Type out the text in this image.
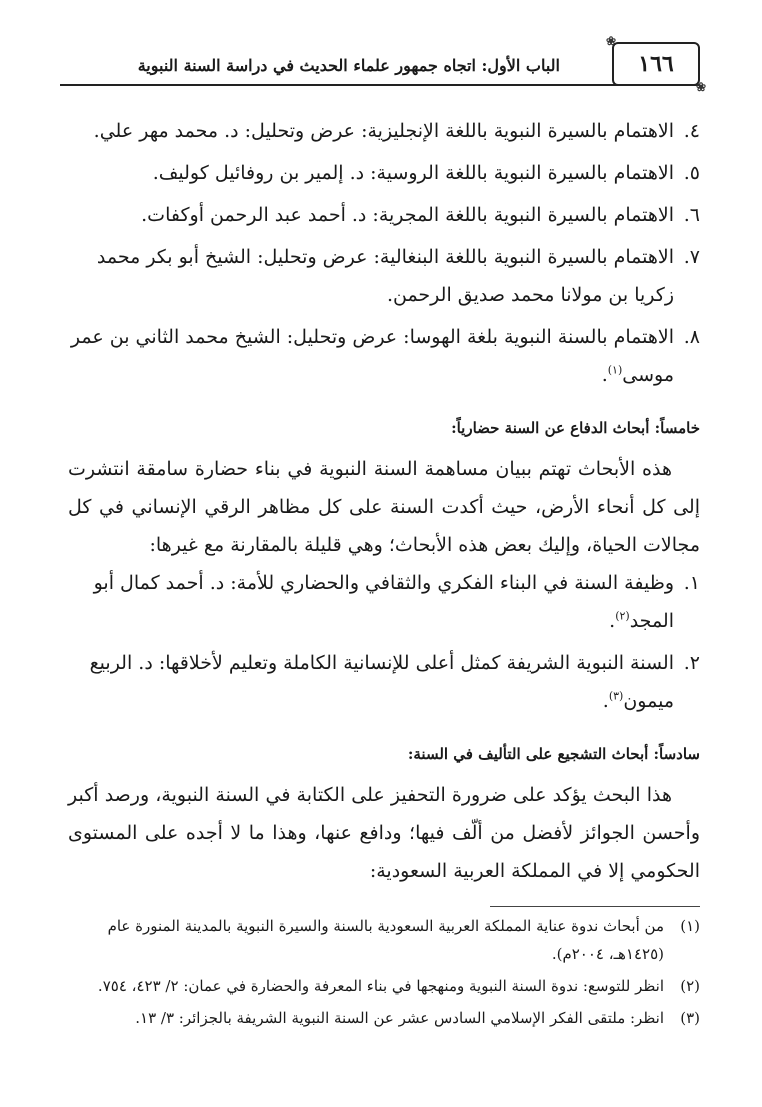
الباب الأول: اتجاه جمهور علماء الحديث في دراسة السنة النبوية
❀
١٦٦
❀
٤.
الاهتمام بالسيرة النبوية باللغة الإنجليزية: عرض وتحليل: د. محمد مهر علي.
٥.
الاهتمام بالسيرة النبوية باللغة الروسية: د. إلمير بن روفائيل كوليف.
٦.
الاهتمام بالسيرة النبوية باللغة المجرية: د. أحمد عبد الرحمن أوكفات.
٧.
الاهتمام بالسيرة النبوية باللغة البنغالية: عرض وتحليل: الشيخ أبو بكر محمد زكريا بن مولانا محمد صديق الرحمن.
٨.
الاهتمام بالسنة النبوية بلغة الهوسا: عرض وتحليل: الشيخ محمد الثاني بن عمر موسى$^{(١)}$.
خامساً: أبحاث الدفاع عن السنة حضارياً:
هذه الأبحاث تهتم ببيان مساهمة السنة النبوية في بناء حضارة سامقة انتشرت إلى كل أنحاء الأرض، حيث أكدت السنة على كل مظاهر الرقي الإنساني في كل مجالات الحياة، وإليك بعض هذه الأبحاث؛ وهي قليلة بالمقارنة مع غيرها:
١.
وظيفة السنة في البناء الفكري والثقافي والحضاري للأمة: د. أحمد كمال أبو المجد$^{(٢)}$.
٢.
السنة النبوية الشريفة كمثل أعلى للإنسانية الكاملة وتعليم لأخلاقها: د. الربيع ميمون$^{(٣)}$.
سادساً: أبحاث التشجيع على التأليف في السنة:
هذا البحث يؤكد على ضرورة التحفيز على الكتابة في السنة النبوية، ورصد أكبر وأحسن الجوائز لأفضل من ألّف فيها؛ ودافع عنها، وهذا ما لا أجده على المستوى الحكومي إلا في المملكة العربية السعودية:
(١)
من أبحاث ندوة عناية المملكة العربية السعودية بالسنة والسيرة النبوية بالمدينة المنورة عام (١٤٢٥هـ، ٢٠٠٤م).
(٢)
انظر للتوسع: ندوة السنة النبوية ومنهجها في بناء المعرفة والحضارة في عمان: ٢/ ٤٢٣، ٧٥٤.
(٣)
انظر: ملتقى الفكر الإسلامي السادس عشر عن السنة النبوية الشريفة بالجزائر: ٣/ ١٣.
